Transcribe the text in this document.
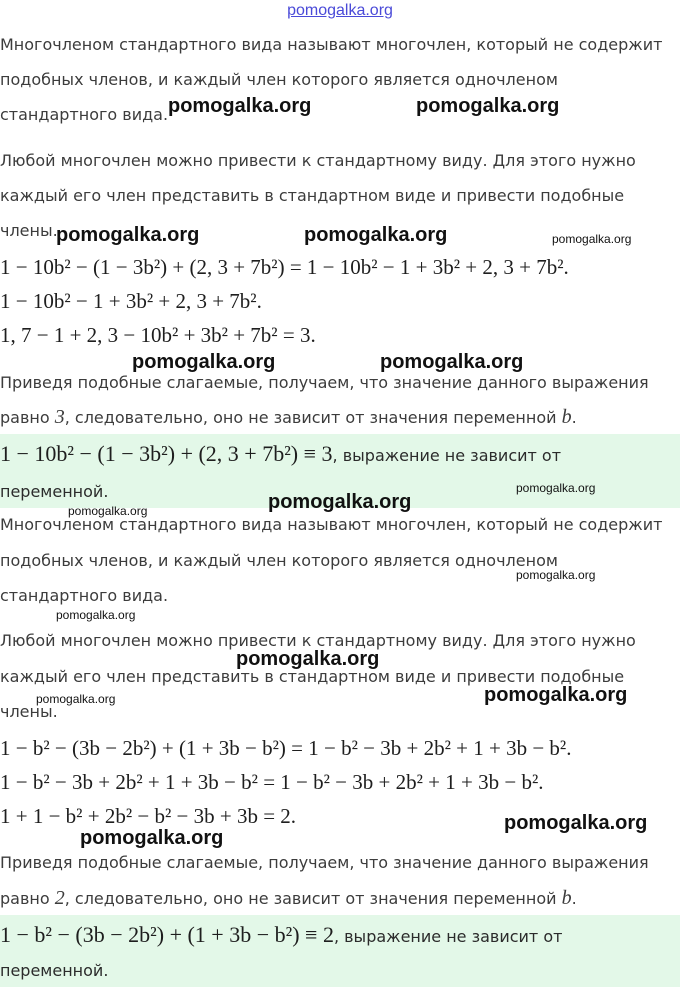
pomogalka.org
Многочленом стандартного вида называют многочлен, который не содержит
подобных членов, и каждый член которого является одночленом
стандартного вида.
Любой многочлен можно привести к стандартному виду. Для этого нужно
каждый его член представить в стандартном виде и привести подобные
члены.
1 − 10b² − (1 − 3b²) + (2, 3 + 7b²) = 1 − 10b² − 1 + 3b² + 2, 3 + 7b².
1 − 10b² − 1 + 3b² + 2, 3 + 7b².
1, 7 − 1 + 2, 3 − 10b² + 3b² + 7b² = 3.
Приведя подобные слагаемые, получаем, что значение данного выражения
равно 3, следовательно, оно не зависит от значения переменной b.
1 − 10b² − (1 − 3b²) + (2, 3 + 7b²) ≡ 3, выражение не зависит от
переменной.
Многочленом стандартного вида называют многочлен, который не содержит
подобных членов, и каждый член которого является одночленом
стандартного вида.
Любой многочлен можно привести к стандартному виду. Для этого нужно
каждый его член представить в стандартном виде и привести подобные
члены.
1 − b² − (3b − 2b²) + (1 + 3b − b²) = 1 − b² − 3b + 2b² + 1 + 3b − b².
1 − b² − 3b + 2b² + 1 + 3b − b² = 1 − b² − 3b + 2b² + 1 + 3b − b².
1 + 1 − b² + 2b² − b² − 3b + 3b = 2.
Приведя подобные слагаемые, получаем, что значение данного выражения
равно 2, следовательно, оно не зависит от значения переменной b.
1 − b² − (3b − 2b²) + (1 + 3b − b²) ≡ 2, выражение не зависит от
переменной.
pomogalka.org	pomogalka.org
pomogalka.org	pomogalka.org	pomogalka.org
pomogalka.org	pomogalka.org
pomogalka.org
pomogalka.org
pomogalka.org
pomogalka.org
pomogalka.org
pomogalka.org
pomogalka.org	pomogalka.org
pomogalka.org
pomogalka.org
